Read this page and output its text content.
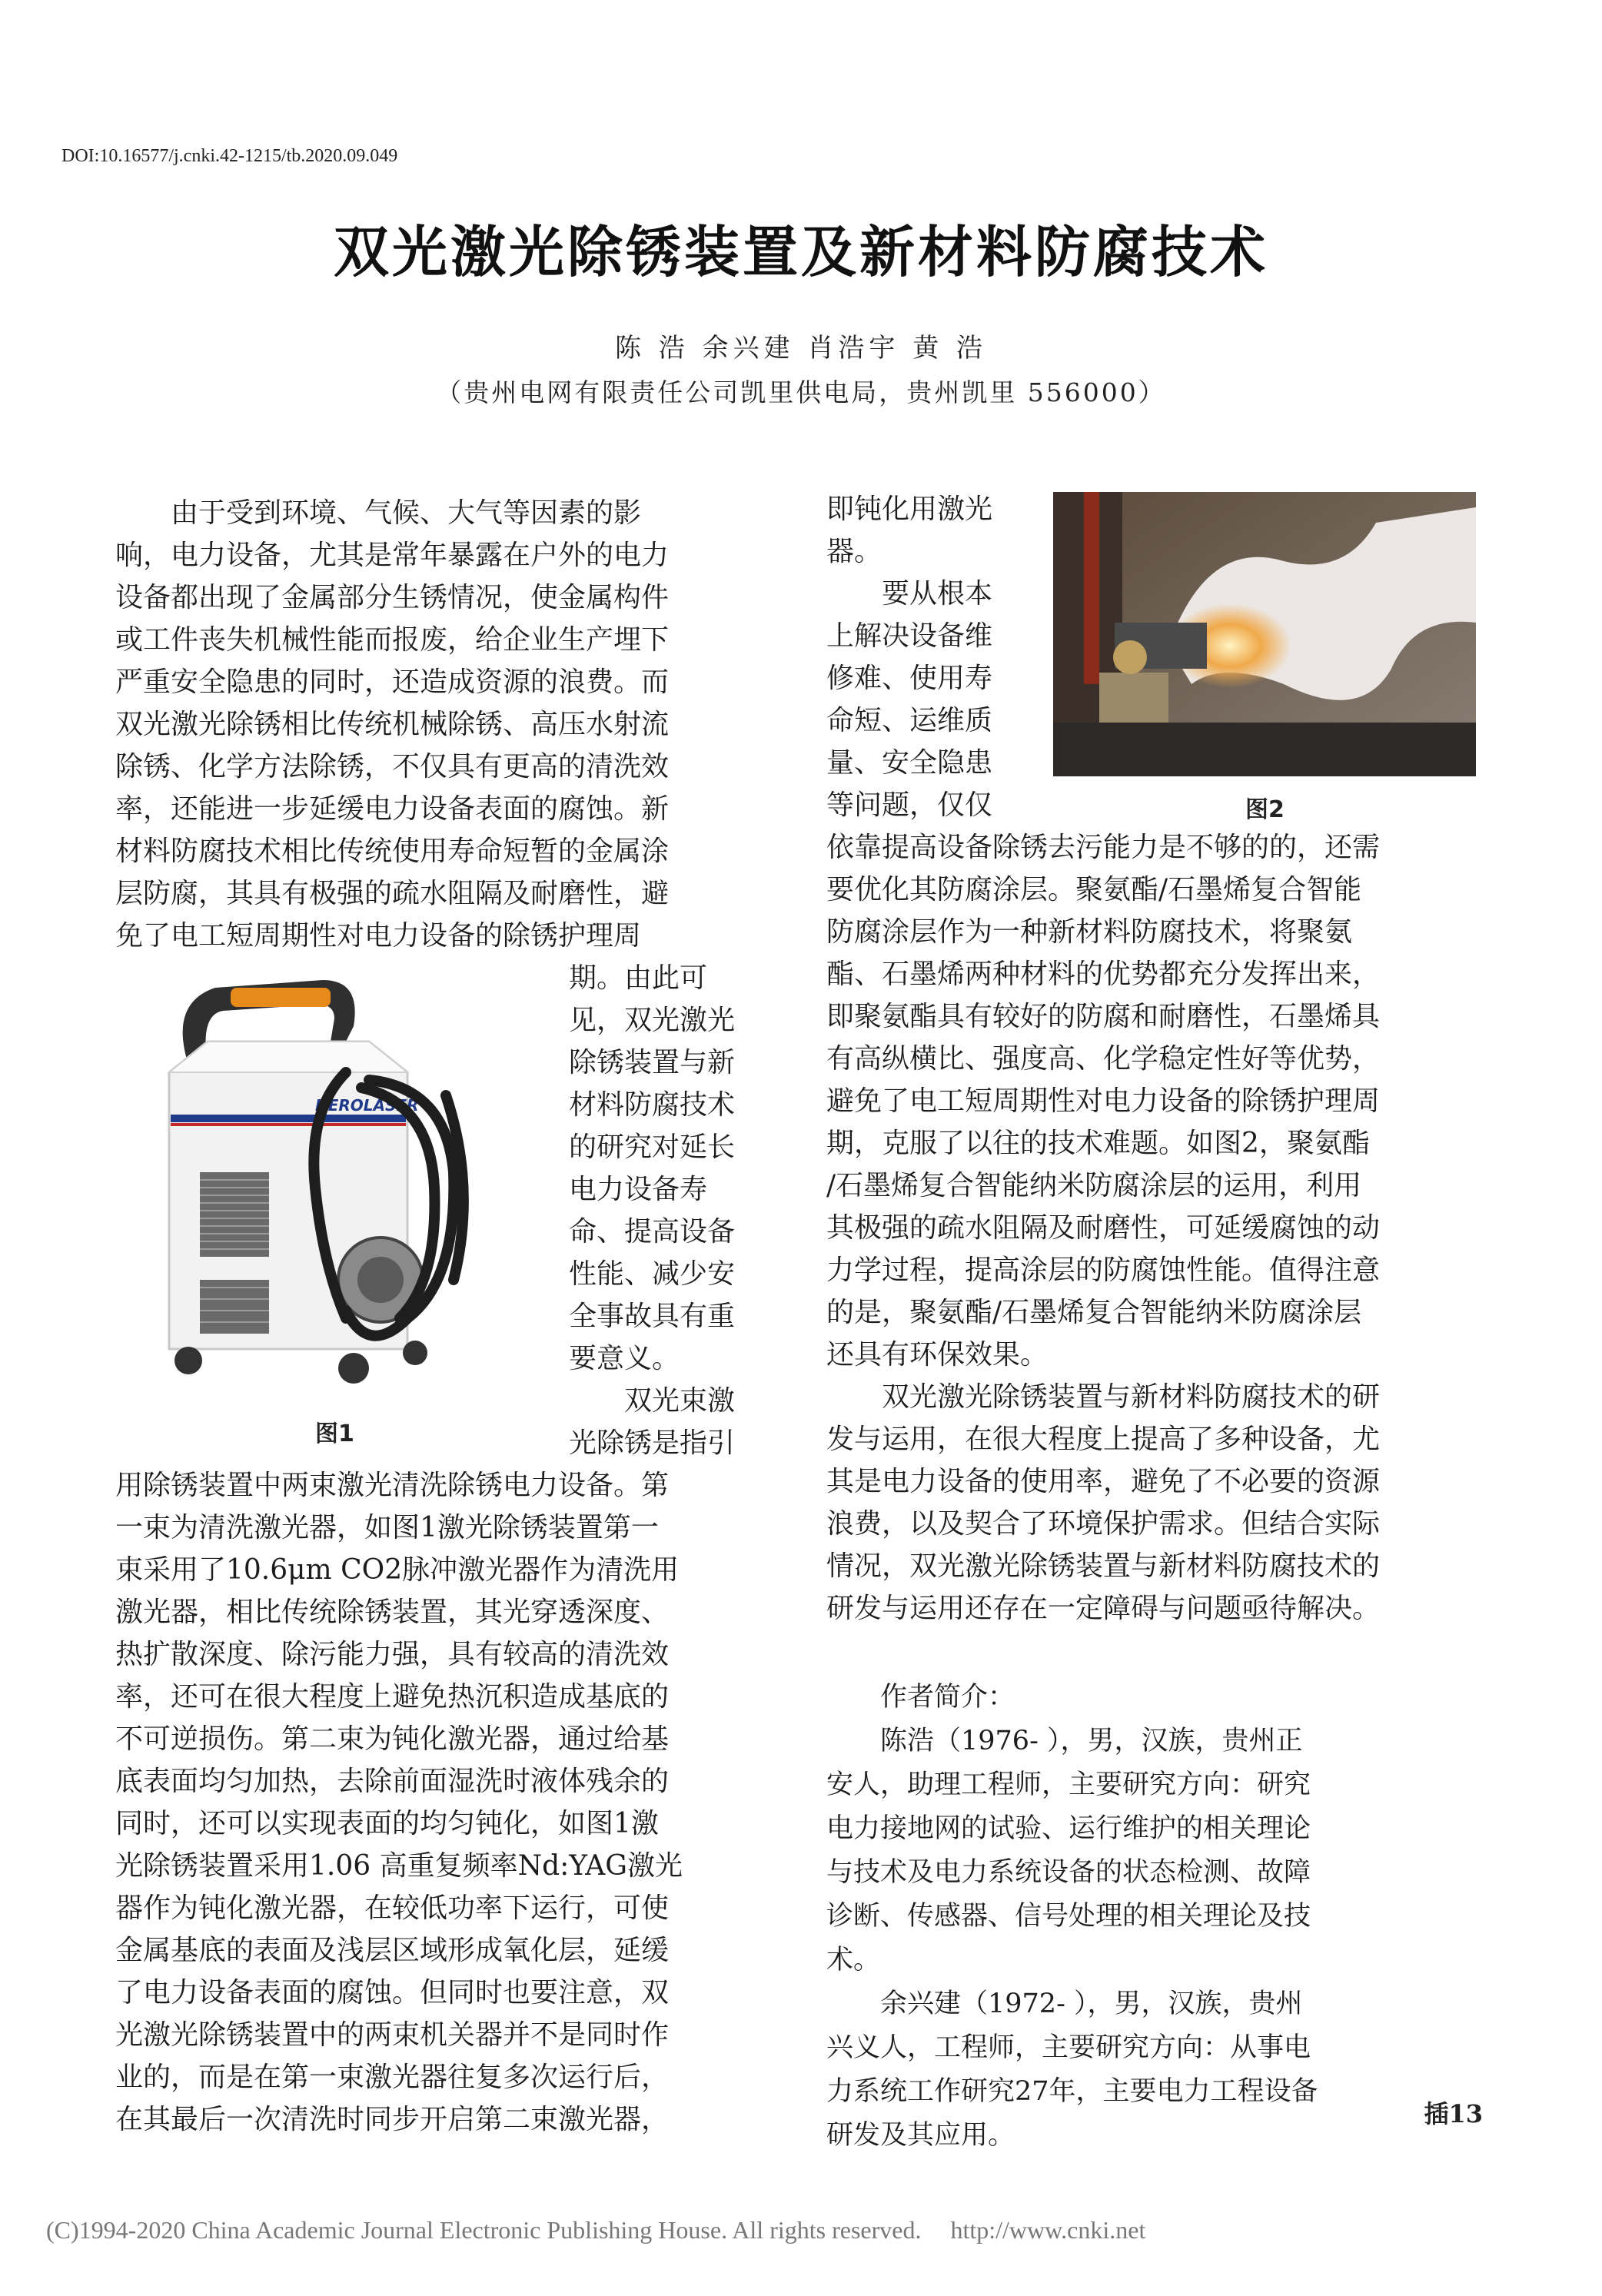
DOI:10.16577/j.cnki.42-1215/tb.2020.09.049
双光激光除锈装置及新材料防腐技术
陈 浩 余兴建 肖浩宇 黄 浩
（贵州电网有限责任公司凯里供电局，贵州凯里 556000）
　　由于受到环境、气候、大气等因素的影
响，电力设备，尤其是常年暴露在户外的电力
设备都出现了金属部分生锈情况，使金属构件
或工件丧失机械性能而报废，给企业生产埋下
严重安全隐患的同时，还造成资源的浪费。而
双光激光除锈相比传统机械除锈、高压水射流
除锈、化学方法除锈，不仅具有更高的清洗效
率，还能进一步延缓电力设备表面的腐蚀。新
材料防腐技术相比传统使用寿命短暂的金属涂
层防腐，其具有极强的疏水阻隔及耐磨性，避
免了电工短周期性对电力设备的除锈护理周
HEROLASER
图1
期。由此可
见，双光激光
除锈装置与新
材料防腐技术
的研究对延长
电力设备寿
命、提高设备
性能、减少安
全事故具有重
要意义。
　　双光束激
光除锈是指引
用除锈装置中两束激光清洗除锈电力设备。第
一束为清洗激光器，如图1激光除锈装置第一
束采用了10.6μm CO2脉冲激光器作为清洗用
激光器，相比传统除锈装置，其光穿透深度、
热扩散深度、除污能力强，具有较高的清洗效
率，还可在很大程度上避免热沉积造成基底的
不可逆损伤。第二束为钝化激光器，通过给基
底表面均匀加热，去除前面湿洗时液体残余的
同时，还可以实现表面的均匀钝化，如图1激
光除锈装置采用1.06 高重复频率Nd:YAG激光
器作为钝化激光器，在较低功率下运行，可使
金属基底的表面及浅层区域形成氧化层，延缓
了电力设备表面的腐蚀。但同时也要注意，双
光激光除锈装置中的两束机关器并不是同时作
业的，而是在第一束激光器往复多次运行后，
在其最后一次清洗时同步开启第二束激光器，
即钝化用激光
器。
　　要从根本
上解决设备维
修难、使用寿
命短、运维质
量、安全隐患
等问题，仅仅	图2
依靠提高设备除锈去污能力是不够的的，还需
要优化其防腐涂层。聚氨酯/石墨烯复合智能
防腐涂层作为一种新材料防腐技术，将聚氨
酯、石墨烯两种材料的优势都充分发挥出来，
即聚氨酯具有较好的防腐和耐磨性，石墨烯具
有高纵横比、强度高、化学稳定性好等优势，
避免了电工短周期性对电力设备的除锈护理周
期，克服了以往的技术难题。如图2，聚氨酯
/石墨烯复合智能纳米防腐涂层的运用，利用
其极强的疏水阻隔及耐磨性，可延缓腐蚀的动
力学过程，提高涂层的防腐蚀性能。值得注意
的是，聚氨酯/石墨烯复合智能纳米防腐涂层
还具有环保效果。
　　双光激光除锈装置与新材料防腐技术的研
发与运用，在很大程度上提高了多种设备，尤
其是电力设备的使用率，避免了不必要的资源
浪费，以及契合了环境保护需求。但结合实际
情况，双光激光除锈装置与新材料防腐技术的
研发与运用还存在一定障碍与问题亟待解决。
　　作者简介：
　　陈浩（1976- ），男，汉族，贵州正
安人，助理工程师，主要研究方向：研究
电力接地网的试验、运行维护的相关理论
与技术及电力系统设备的状态检测、故障
诊断、传感器、信号处理的相关理论及技
术。
　　余兴建（1972- ），男，汉族，贵州
兴义人，工程师，主要研究方向：从事电
力系统工作研究27年，主要电力工程设备
研发及其应用。
插13
(C)1994-2020 China Academic Journal Electronic Publishing House. All rights reserved. http://www.cnki.net
